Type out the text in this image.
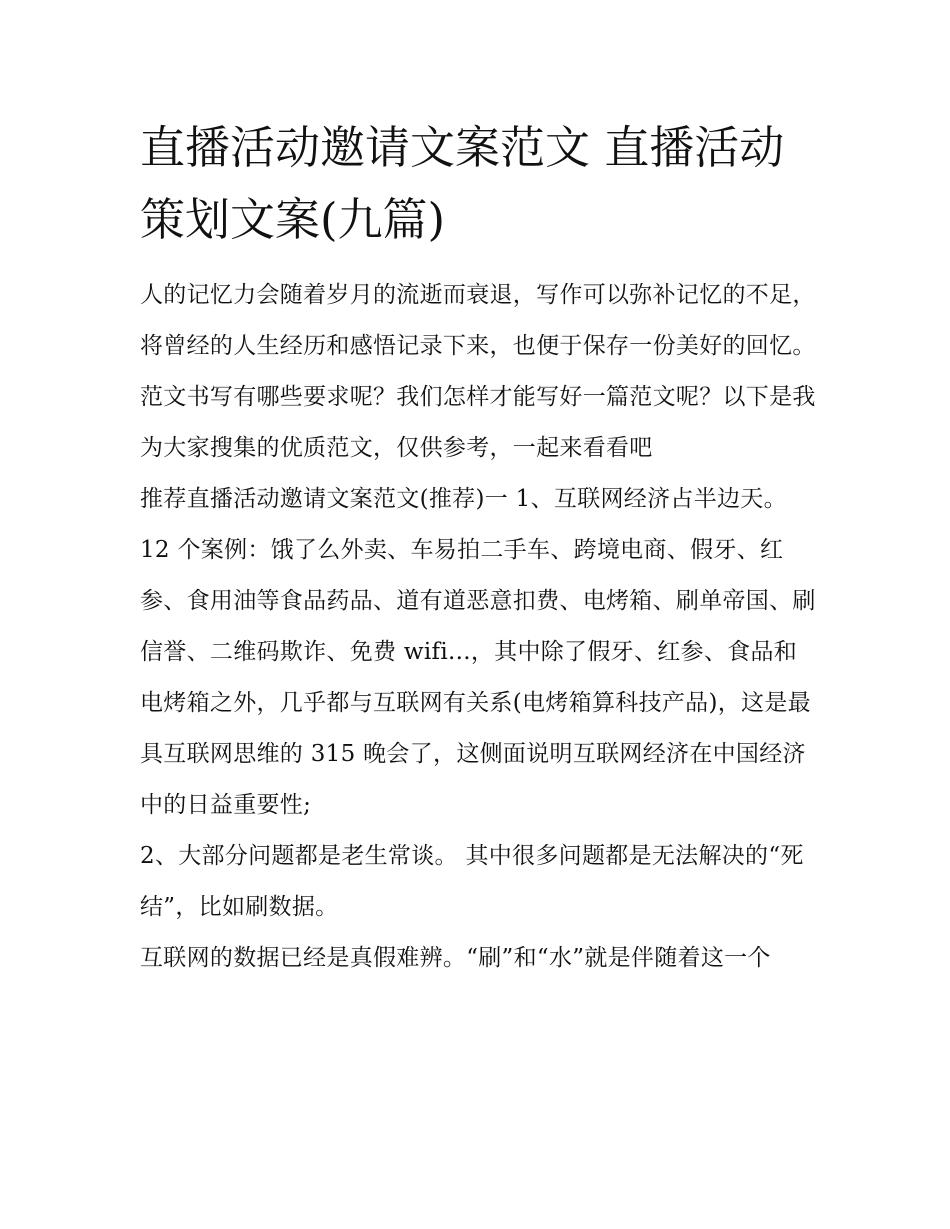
直播活动邀请文案范文 直播活动策划文案(九篇)

人的记忆力会随着岁月的流逝而衰退，写作可以弥补记忆的不足，将曾经的人生经历和感悟记录下来，也便于保存一份美好的回忆。范文书写有哪些要求呢？我们怎样才能写好一篇范文呢？以下是我为大家搜集的优质范文，仅供参考，一起来看看吧

推荐直播活动邀请文案范文(推荐)一 1、互联网经济占半边天。

12 个案例：饿了么外卖、车易拍二手车、跨境电商、假牙、红参、食用油等食品药品、道有道恶意扣费、电烤箱、刷单帝国、刷信誉、二维码欺诈、免费 wifi...，其中除了假牙、红参、食品和电烤箱之外，几乎都与互联网有关系(电烤箱算科技产品)，这是最具互联网思维的 315 晚会了，这侧面说明互联网经济在中国经济中的日益重要性;

2、大部分问题都是老生常谈。 其中很多问题都是无法解决的“死结”，比如刷数据。

互联网的数据已经是真假难辨。“刷”和“水”就是伴随着这一个
